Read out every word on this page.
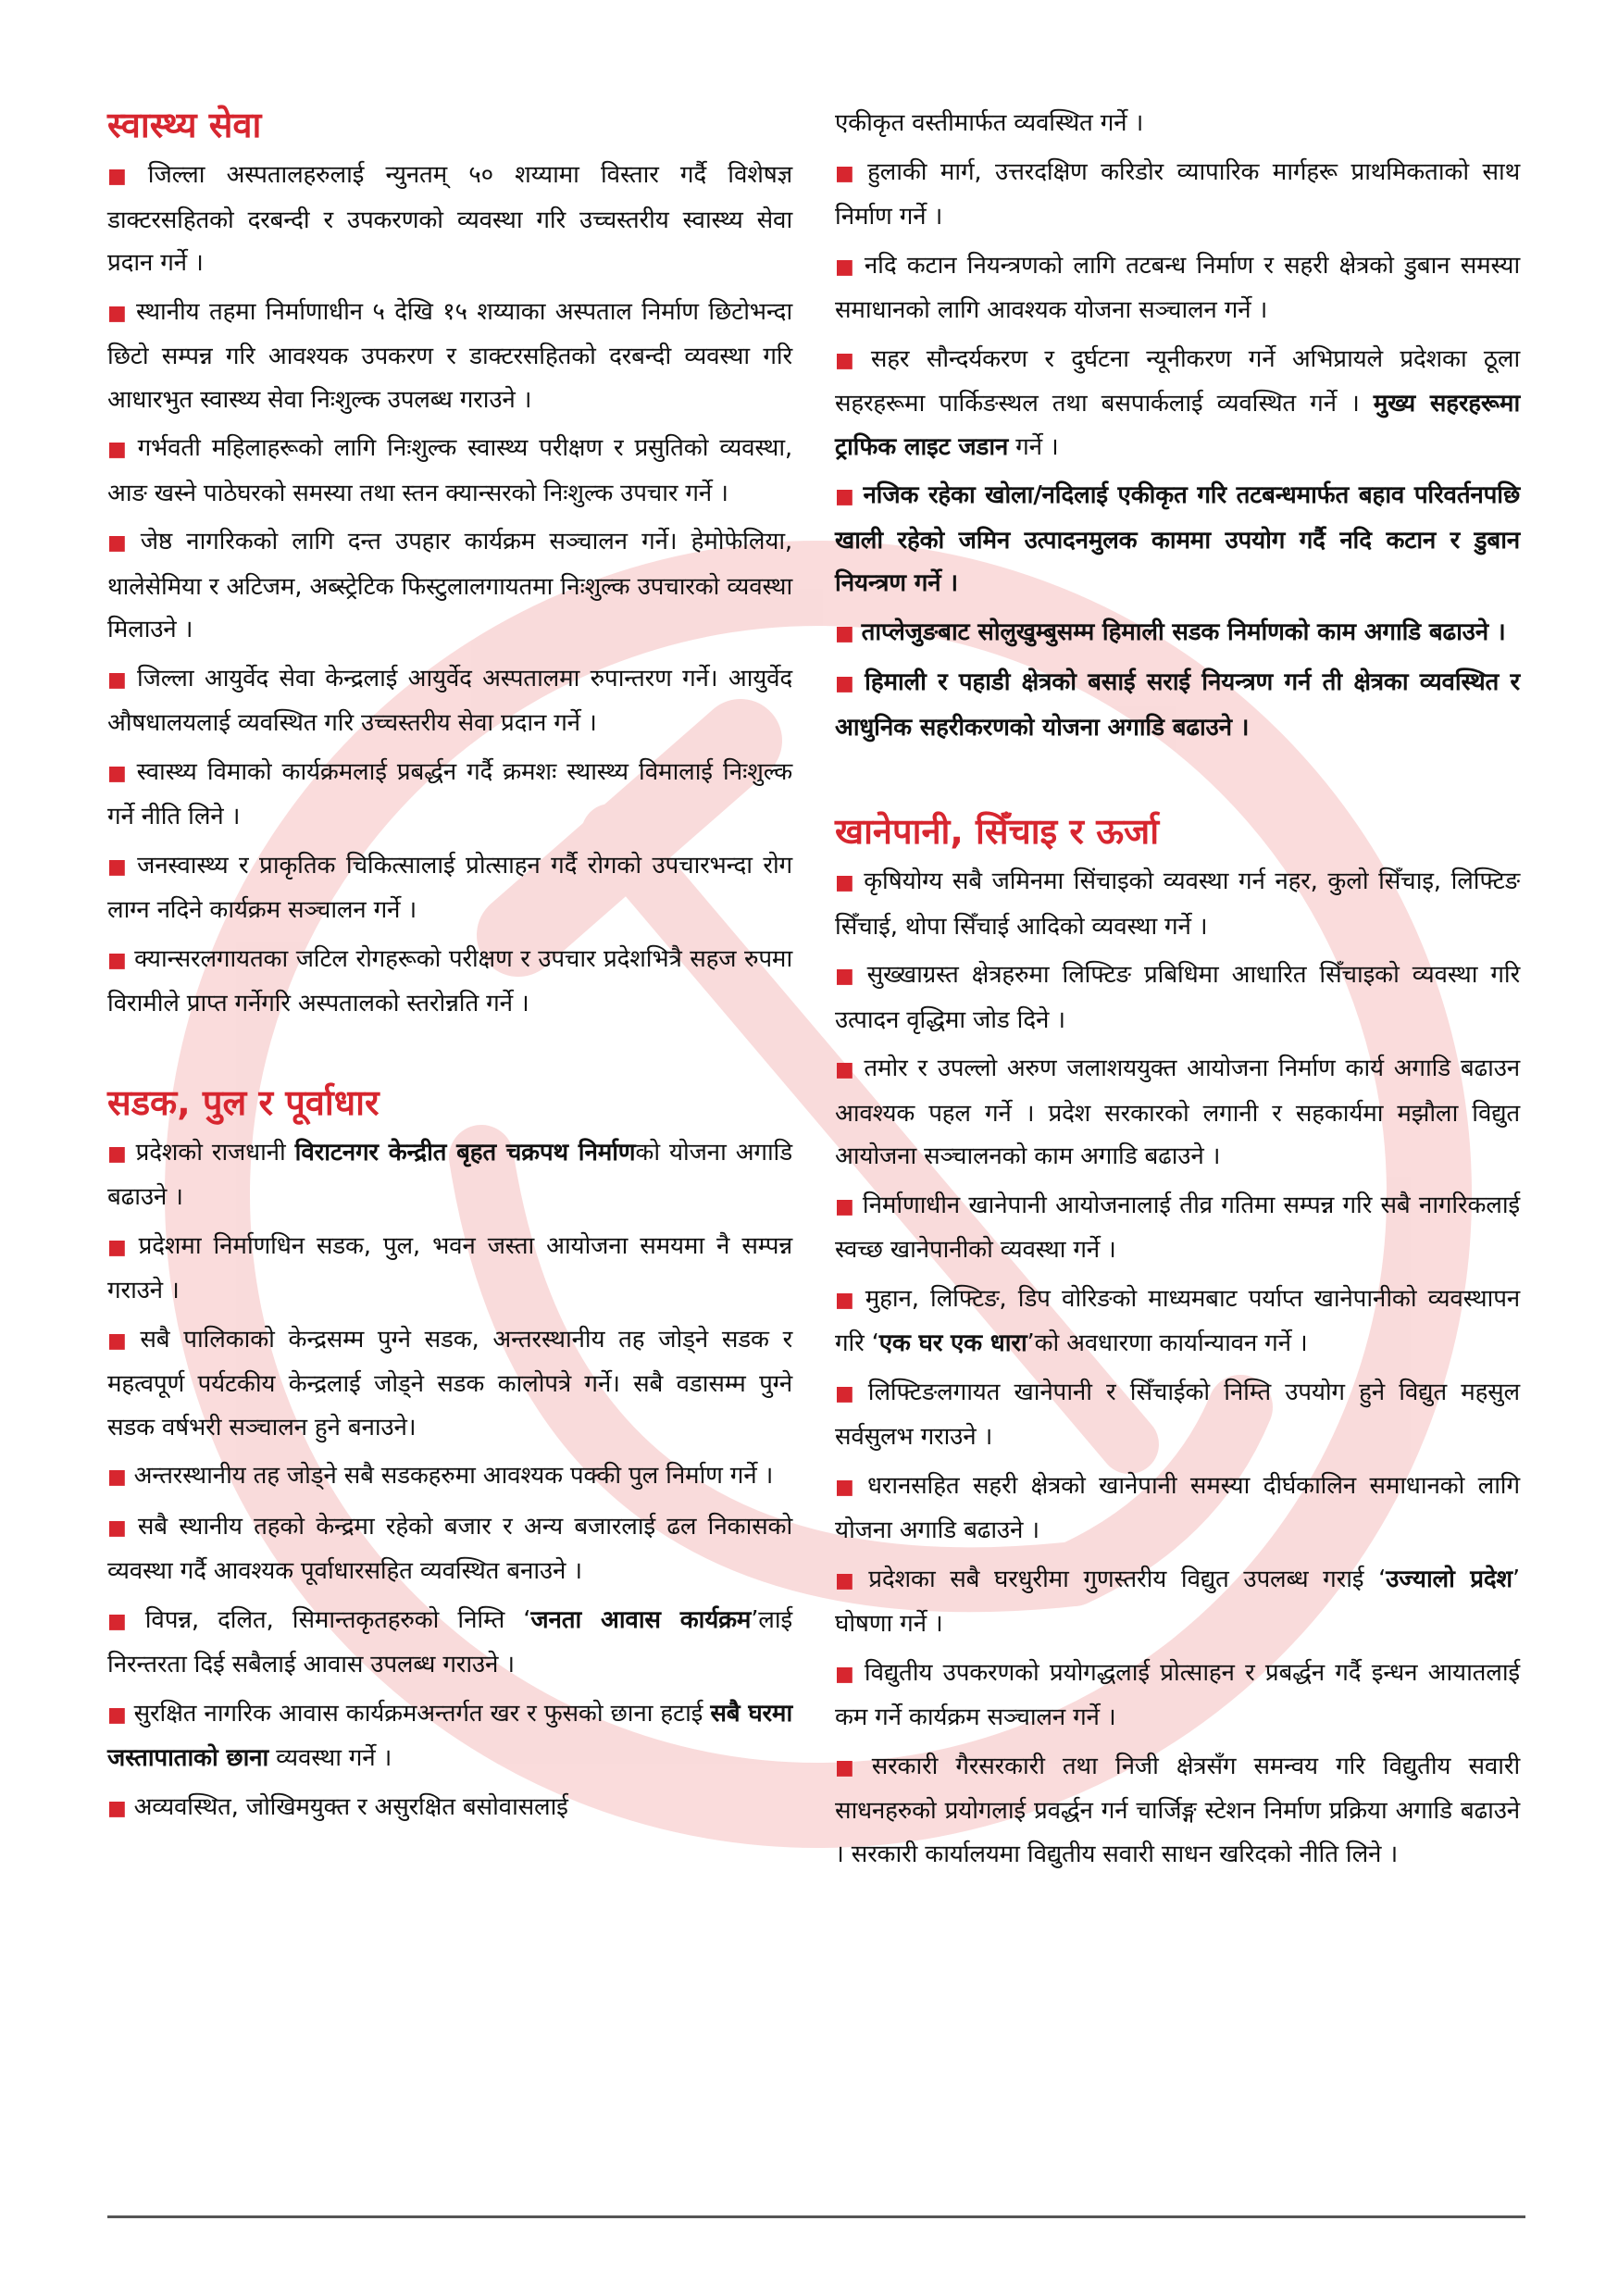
स्वास्थ्य सेवा

■ जिल्ला अस्पतालहरुलाई न्युनतम् ५० शय्यामा विस्तार गर्दै विशेषज्ञ डाक्टरसहितको दरबन्दी र उपकरणको व्यवस्था गरि उच्चस्तरीय स्वास्थ्य सेवा प्रदान गर्ने ।

■ स्थानीय तहमा निर्माणाधीन ५ देखि १५ शय्याका अस्पताल निर्माण छिटोभन्दा छिटो सम्पन्न गरि आवश्यक उपकरण र डाक्टरसहितको दरबन्दी व्यवस्था गरि आधारभुत स्वास्थ्य सेवा निःशुल्क उपलब्ध गराउने ।

■ गर्भवती महिलाहरूको लागि निःशुल्क स्वास्थ्य परीक्षण र प्रसुतिको व्यवस्था, आङ खस्ने पाठेघरको समस्या तथा स्तन क्यान्सरको निःशुल्क उपचार गर्ने ।

■ जेष्ठ नागरिकको लागि दन्त उपहार कार्यक्रम सञ्चालन गर्ने। हेमोफेलिया, थालेसेमिया र अटिजम, अब्स्ट्रेटिक फिस्टुलालगायतमा निःशुल्क उपचारको व्यवस्था मिलाउने ।

■ जिल्ला आयुर्वेद सेवा केन्द्रलाई आयुर्वेद अस्पतालमा रुपान्तरण गर्ने। आयुर्वेद औषधालयलाई व्यवस्थित गरि उच्चस्तरीय सेवा प्रदान गर्ने ।

■ स्वास्थ्य विमाको कार्यक्रमलाई प्रबर्द्धन गर्दै क्रमशः स्थास्थ्य विमालाई निःशुल्क गर्ने नीति लिने ।

■ जनस्वास्थ्य र प्राकृतिक चिकित्सालाई प्रोत्साहन गर्दै रोगको उपचारभन्दा रोग लाग्न नदिने कार्यक्रम सञ्चालन गर्ने ।

■ क्यान्सरलगायतका जटिल रोगहरूको परीक्षण र उपचार प्रदेशभित्रै सहज रुपमा विरामीले प्राप्त गर्नेगरि अस्पतालको स्तरोन्नति गर्ने ।

सडक, पुल र पूर्वाधार

■ प्रदेशको राजधानी विराटनगर केन्द्रीत बृहत चक्रपथ निर्माणको योजना अगाडि बढाउने ।

■ प्रदेशमा निर्माणधिन सडक, पुल, भवन जस्ता आयोजना समयमा नै सम्पन्न गराउने ।

■ सबै पालिकाको केन्द्रसम्म पुग्ने सडक, अन्तरस्थानीय तह जोड्ने सडक र महत्वपूर्ण पर्यटकीय केन्द्रलाई जोड्ने सडक कालोपत्रे गर्ने। सबै वडासम्म पुग्ने सडक वर्षभरी सञ्चालन हुने बनाउने।

■ अन्तरस्थानीय तह जोड्ने सबै सडकहरुमा आवश्यक पक्की पुल निर्माण गर्ने ।

■ सबै स्थानीय तहको केन्द्रमा रहेको बजार र अन्य बजारलाई ढल निकासको व्यवस्था गर्दै आवश्यक पूर्वाधारसहित व्यवस्थित बनाउने ।

■ विपन्न, दलित, सिमान्तकृतहरुको निम्ति ‘जनता आवास कार्यक्रम’लाई निरन्तरता दिई सबैलाई आवास उपलब्ध गराउने ।

■ सुरक्षित नागरिक आवास कार्यक्रमअन्तर्गत खर र फुसको छाना हटाई सबै घरमा जस्तापाताको छाना व्यवस्था गर्ने ।

■ अव्यवस्थित, जोखिमयुक्त र असुरक्षित बसोवासलाई

एकीकृत वस्तीमार्फत व्यवस्थित गर्ने ।

■ हुलाकी मार्ग, उत्तरदक्षिण करिडोर व्यापारिक मार्गहरू प्राथमिकताको साथ निर्माण गर्ने ।

■ नदि कटान नियन्त्रणको लागि तटबन्ध निर्माण र सहरी क्षेत्रको डुबान समस्या समाधानको लागि आवश्यक योजना सञ्चालन गर्ने ।

■ सहर सौन्दर्यकरण र दुर्घटना न्यूनीकरण गर्ने अभिप्रायले प्रदेशका ठूला सहरहरूमा पार्किङस्थल तथा बसपार्कलाई व्यवस्थित गर्ने । मुख्य सहरहरूमा ट्राफिक लाइट जडान गर्ने ।

■ नजिक रहेका खोला/नदिलाई एकीकृत गरि तटबन्धमार्फत बहाव परिवर्तनपछि खाली रहेको जमिन उत्पादनमुलक काममा उपयोग गर्दै नदि कटान र डुबान नियन्त्रण गर्ने ।

■ ताप्लेजुङबाट सोलुखुम्बुसम्म हिमाली सडक निर्माणको काम अगाडि बढाउने ।

■ हिमाली र पहाडी क्षेत्रको बसाई सराई नियन्त्रण गर्न ती क्षेत्रका व्यवस्थित र आधुनिक सहरीकरणको योजना अगाडि बढाउने ।

खानेपानी, सिँचाइ र ऊर्जा

■ कृषियोग्य सबै जमिनमा सिंचाइको व्यवस्था गर्न नहर, कुलो सिँचाइ, लिफ्टिङ सिँचाई, थोपा सिँचाई आदिको व्यवस्था गर्ने ।

■ सुख्खाग्रस्त क्षेत्रहरुमा लिफ्टिङ प्रबिधिमा आधारित सिँचाइको व्यवस्था गरि उत्पादन वृद्धिमा जोड दिने ।

■ तमोर र उपल्लो अरुण जलाशययुक्त आयोजना निर्माण कार्य अगाडि बढाउन आवश्यक पहल गर्ने । प्रदेश सरकारको लगानी र सहकार्यमा मझौला विद्युत आयोजना सञ्चालनको काम अगाडि बढाउने ।

■ निर्माणाधीन खानेपानी आयोजनालाई तीव्र गतिमा सम्पन्न गरि सबै नागरिकलाई स्वच्छ खानेपानीको व्यवस्था गर्ने ।

■ मुहान, लिफ्टिङ, डिप वोरिङको माध्यमबाट पर्याप्त खानेपानीको व्यवस्थापन गरि ‘एक घर एक धारा’को अवधारणा कार्यान्यावन गर्ने ।

■ लिफ्टिङलगायत खानेपानी र सिँचाईको निम्ति उपयोग हुने विद्युत महसुल सर्वसुलभ गराउने ।

■ धरानसहित सहरी क्षेत्रको खानेपानी समस्या दीर्घकालिन समाधानको लागि योजना अगाडि बढाउने ।

■ प्रदेशका सबै घरधुरीमा गुणस्तरीय विद्युत उपलब्ध गराई ‘उज्यालो प्रदेश’ घोषणा गर्ने ।

■ विद्युतीय उपकरणको प्रयोगद्धलाई प्रोत्साहन र प्रबर्द्धन गर्दै इन्धन आयातलाई कम गर्ने कार्यक्रम सञ्चालन गर्ने ।

■ सरकारी गैरसरकारी तथा निजी क्षेत्रसँग समन्वय गरि विद्युतीय सवारी साधनहरुको प्रयोगलाई प्रवर्द्धन गर्न चार्जिङ्ग स्टेशन निर्माण प्रक्रिया अगाडि बढाउने । सरकारी कार्यालयमा विद्युतीय सवारी साधन खरिदको नीति लिने ।
